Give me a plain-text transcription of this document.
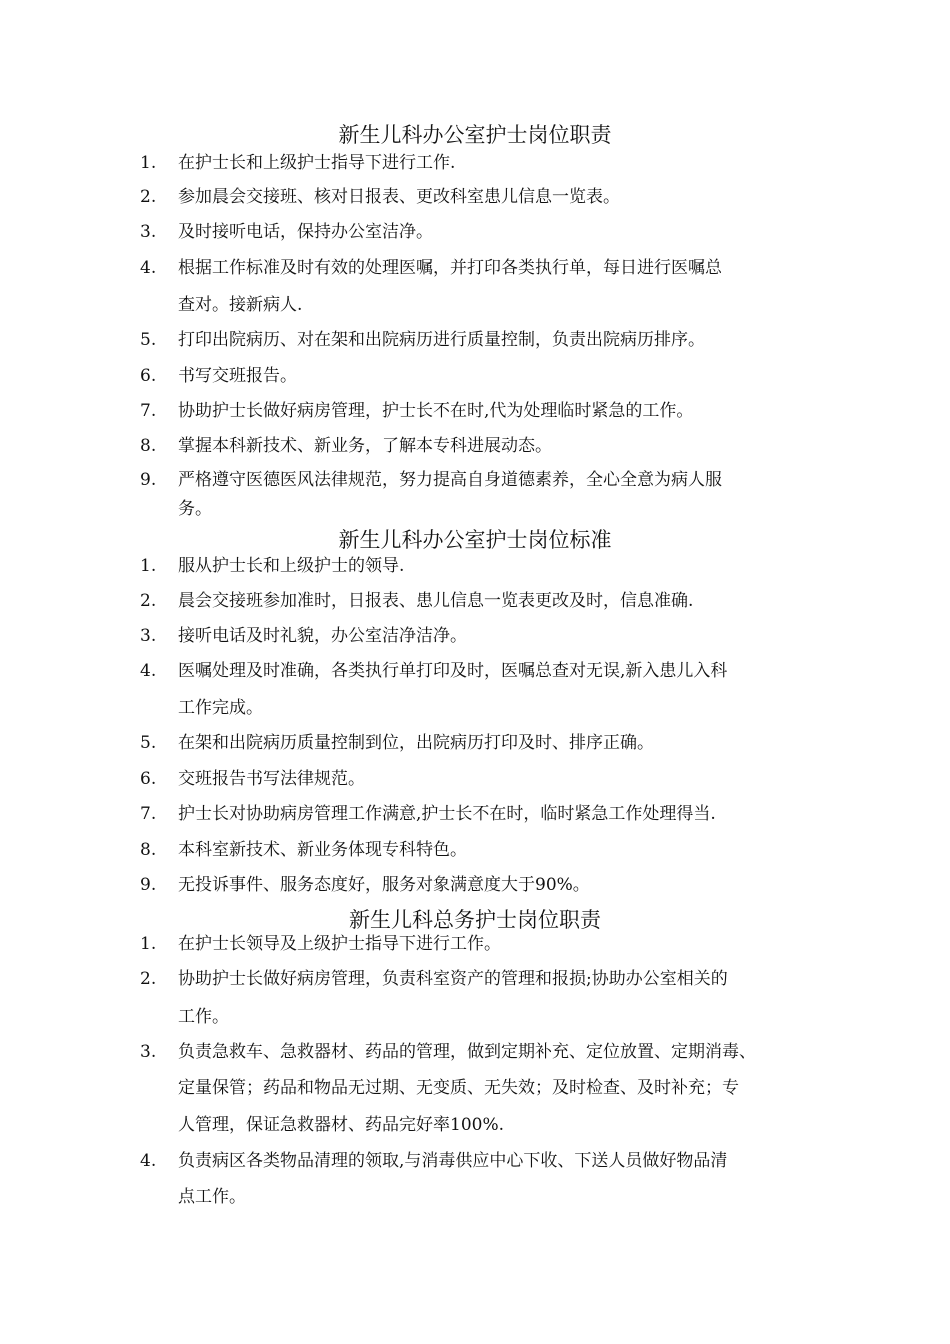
新生儿科办公室护士岗位职责
1.	在护士长和上级护士指导下进行工作.
2.	参加晨会交接班、核对日报表、更改科室患儿信息一览表。
3.	及时接听电话，保持办公室洁净。
4.	根据工作标准及时有效的处理医嘱，并打印各类执行单，每日进行医嘱总
查对。接新病人.
5.	打印出院病历、对在架和出院病历进行质量控制，负责出院病历排序。
6.	书写交班报告。
7.	协助护士长做好病房管理，护士长不在时,代为处理临时紧急的工作。
8.	掌握本科新技术、新业务，了解本专科进展动态。
9.	严格遵守医德医风法律规范，努力提高自身道德素养，全心全意为病人服
务。
新生儿科办公室护士岗位标准
1.	服从护士长和上级护士的领导.
2.	晨会交接班参加准时，日报表、患儿信息一览表更改及时，信息准确.
3.	接听电话及时礼貌，办公室洁净洁净。
4.	医嘱处理及时准确，各类执行单打印及时，医嘱总查对无误,新入患儿入科
工作完成。
5.	在架和出院病历质量控制到位，出院病历打印及时、排序正确。
6.	交班报告书写法律规范。
7.	护士长对协助病房管理工作满意,护士长不在时，临时紧急工作处理得当.
8.	本科室新技术、新业务体现专科特色。
9.	无投诉事件、服务态度好，服务对象满意度大于90%。
新生儿科总务护士岗位职责
1.	在护士长领导及上级护士指导下进行工作。
2.	协助护士长做好病房管理，负责科室资产的管理和报损;协助办公室相关的
工作。
3.	负责急救车、急救器材、药品的管理，做到定期补充、定位放置、定期消毒、
定量保管；药品和物品无过期、无变质、无失效；及时检查、及时补充；专
人管理，保证急救器材、药品完好率100%.
4.	负责病区各类物品清理的领取,与消毒供应中心下收、下送人员做好物品清
点工作。
